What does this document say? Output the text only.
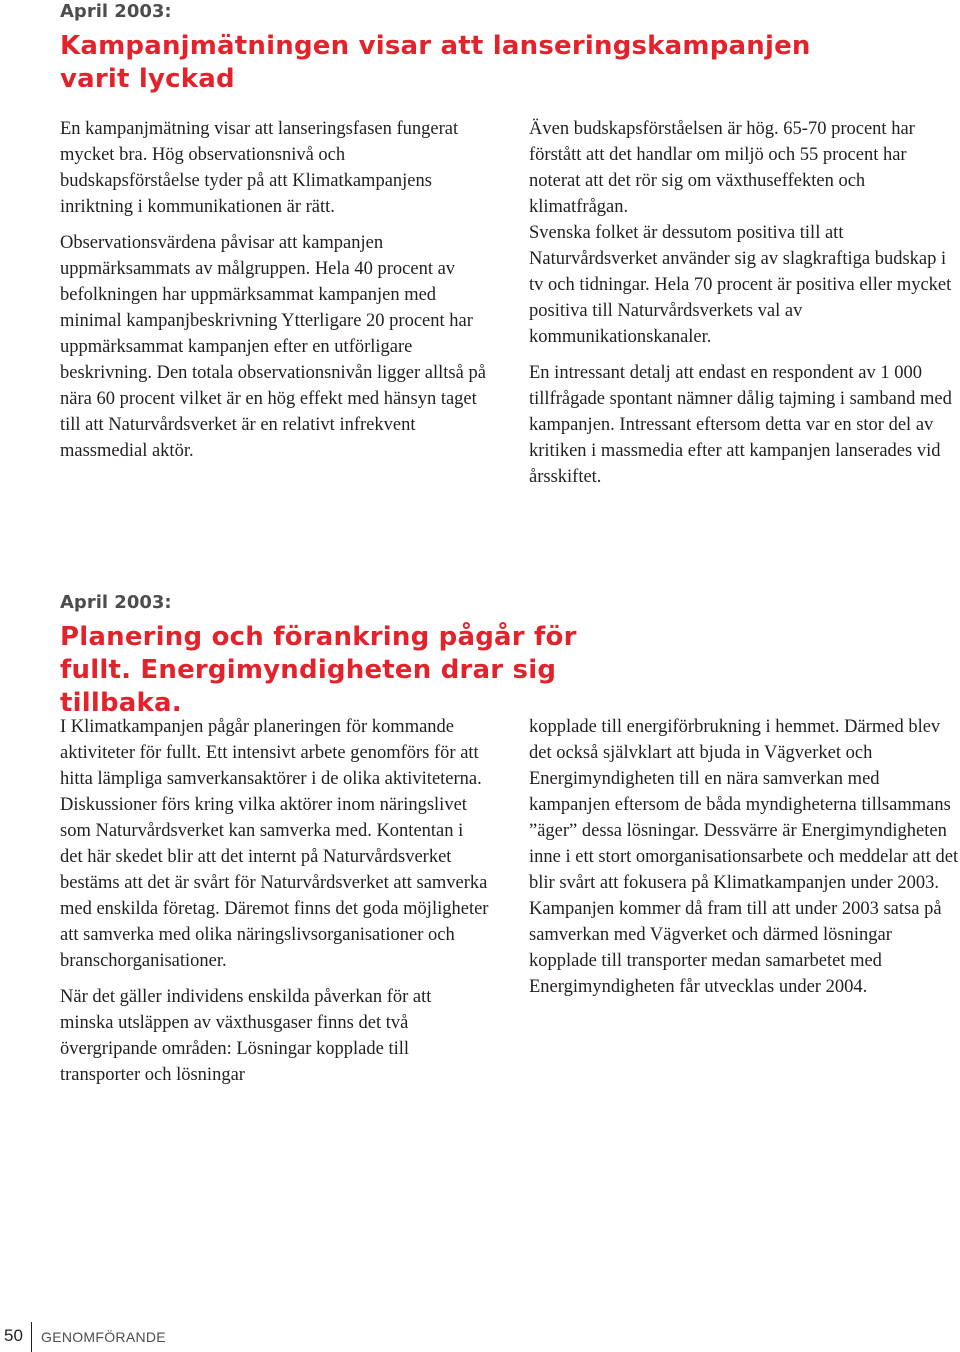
April 2003:

Kampanjmätningen visar att lanseringskampanjen varit lyckad

En kampanjmätning visar att lanseringsfasen fungerat mycket bra. Hög observationsnivå och budskapsförståelse tyder på att Klimatkampanjens inriktning i kommunikationen är rätt.

Observationsvärdena påvisar att kampanjen uppmärksammats av målgruppen. Hela 40 procent av befolkningen har uppmärksammat kampanjen med minimal kampanjbeskrivning Ytterligare 20 procent har uppmärksammat kampanjen efter en utförligare beskrivning. Den totala observationsnivån ligger alltså på nära 60 procent vilket är en hög effekt med hänsyn taget till att Naturvårdsverket är en relativt infrekvent massmedial aktör.

Även budskapsförståelsen är hög. 65-70 procent har förstått att det handlar om miljö och 55 procent har noterat att det rör sig om växthuseffekten och klimatfrågan.

Svenska folket är dessutom positiva till att Naturvårdsverket använder sig av slagkraftiga budskap i tv och tidningar. Hela 70 procent är positiva eller mycket positiva till Naturvårdsverkets val av kommunikationskanaler.

En intressant detalj att endast en respondent av 1 000 tillfrågade spontant nämner dålig tajming i samband med kampanjen. Intressant eftersom detta var en stor del av kritiken i massmedia efter att kampanjen lanserades vid årsskiftet.

April 2003:

Planering och förankring pågår för fullt. Energimyndigheten drar sig tillbaka.

I Klimatkampanjen pågår planeringen för kommande aktiviteter för fullt. Ett intensivt arbete genomförs för att hitta lämpliga samverkansaktörer i de olika aktiviteterna. Diskussioner förs kring vilka aktörer inom näringslivet som Naturvårdsverket kan samverka med. Kontentan i det här skedet blir att det internt på Naturvårdsverket bestäms att det är svårt för Naturvårdsverket att samverka med enskilda företag. Däremot finns det goda möjligheter att samverka med olika näringslivsorganisationer och branschorganisationer.

När det gäller individens enskilda påverkan för att minska utsläppen av växthusgaser finns det två övergripande områden: Lösningar kopplade till transporter och lösningar

kopplade till energiförbrukning i hemmet. Därmed blev det också självklart att bjuda in Vägverket och Energimyndigheten till en nära samverkan med kampanjen eftersom de båda myndigheterna tillsammans ”äger” dessa lösningar. Dessvärre är Energimyndigheten inne i ett stort omorganisationsarbete och meddelar att det blir svårt att fokusera på Klimatkampanjen under 2003. Kampanjen kommer då fram till att under 2003 satsa på samverkan med Vägverket och därmed lösningar kopplade till transporter medan samarbetet med Energimyndigheten får utvecklas under 2004.

50 GENOMFÖRANDE
